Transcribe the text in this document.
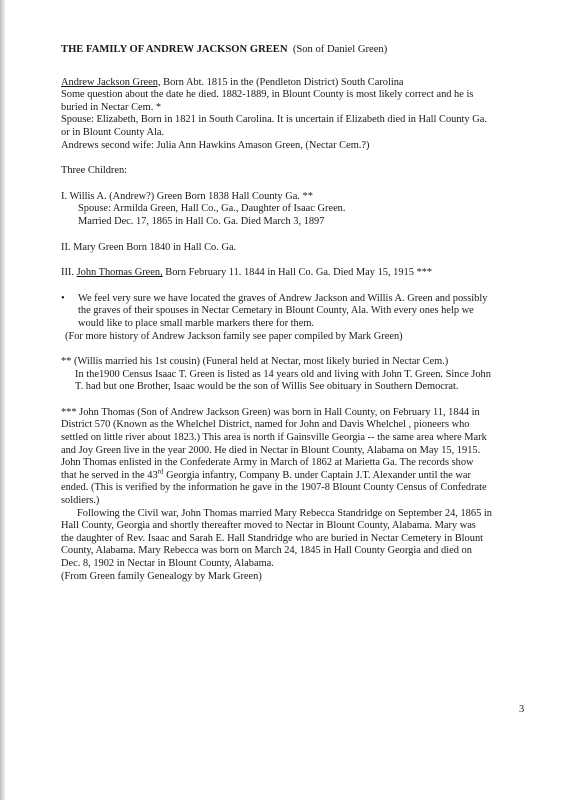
THE FAMILY OF ANDREW JACKSON GREEN (Son of Daniel Green)

Andrew Jackson Green, Born Abt. 1815 in the (Pendleton District) South Carolina

Some question about the date he died. 1882-1889, in Blount County is most likely correct and he is

buried in Nectar Cem. *

Spouse: Elizabeth, Born in 1821 in South Carolina. It is uncertain if Elizabeth died in Hall County Ga.

or in Blount County Ala.

Andrews second wife: Julia Ann Hawkins Amason Green, (Nectar Cem.?)

Three Children:

I. Willis A. (Andrew?) Green Born 1838 Hall County Ga. **

Spouse: Armilda Green, Hall Co., Ga., Daughter of Isaac Green.

Married Dec. 17, 1865 in Hall Co. Ga. Died March 3, 1897

II. Mary Green Born 1840 in Hall Co. Ga.

III. John Thomas Green, Born February 11. 1844 in Hall Co. Ga. Died May 15, 1915 ***

• We feel very sure we have located the graves of Andrew Jackson and Willis A. Green and possibly

the graves of their spouses in Nectar Cemetary in Blount County, Ala. With every ones help we

would like to place small marble markers there for them.

(For more history of Andrew Jackson family see paper compiled by Mark Green)

** (Willis married his 1st cousin) (Funeral held at Nectar, most likely buried in Nectar Cem.)

In the1900 Census Isaac T. Green is listed as 14 years old and living with John T. Green. Since John

T. had but one Brother, Isaac would be the son of Willis See obituary in Southern Democrat.

*** John Thomas (Son of Andrew Jackson Green) was born in Hall County, on February 11, 1844 in

District 570 (Known as the Whelchel District, named for John and Davis Whelchel , pioneers who

settled on little river about 1823.) This area is north if Gainsville Georgia -- the same area where Mark

and Joy Green live in the year 2000. He died in Nectar in Blount County, Alabama on May 15, 1915.

John Thomas enlisted in the Confederate Army in March of 1862 at Marietta Ga. The records show

that he served in the 43rd Georgia infantry, Company B. under Captain J.T. Alexander until the war

ended. (This is verified by the information he gave in the 1907-8 Blount County Census of Confedrate

soldiers.)

Following the Civil war, John Thomas married Mary Rebecca Standridge on September 24, 1865 in

Hall County, Georgia and shortly thereafter moved to Nectar in Blount County, Alabama. Mary was

the daughter of Rev. Isaac and Sarah E. Hall Standridge who are buried in Nectar Cemetery in Blount

County, Alabama. Mary Rebecca was born on March 24, 1845 in Hall County Georgia and died on

Dec. 8, 1902 in Nectar in Blount County, Alabama.

(From Green family Genealogy by Mark Green)

3
